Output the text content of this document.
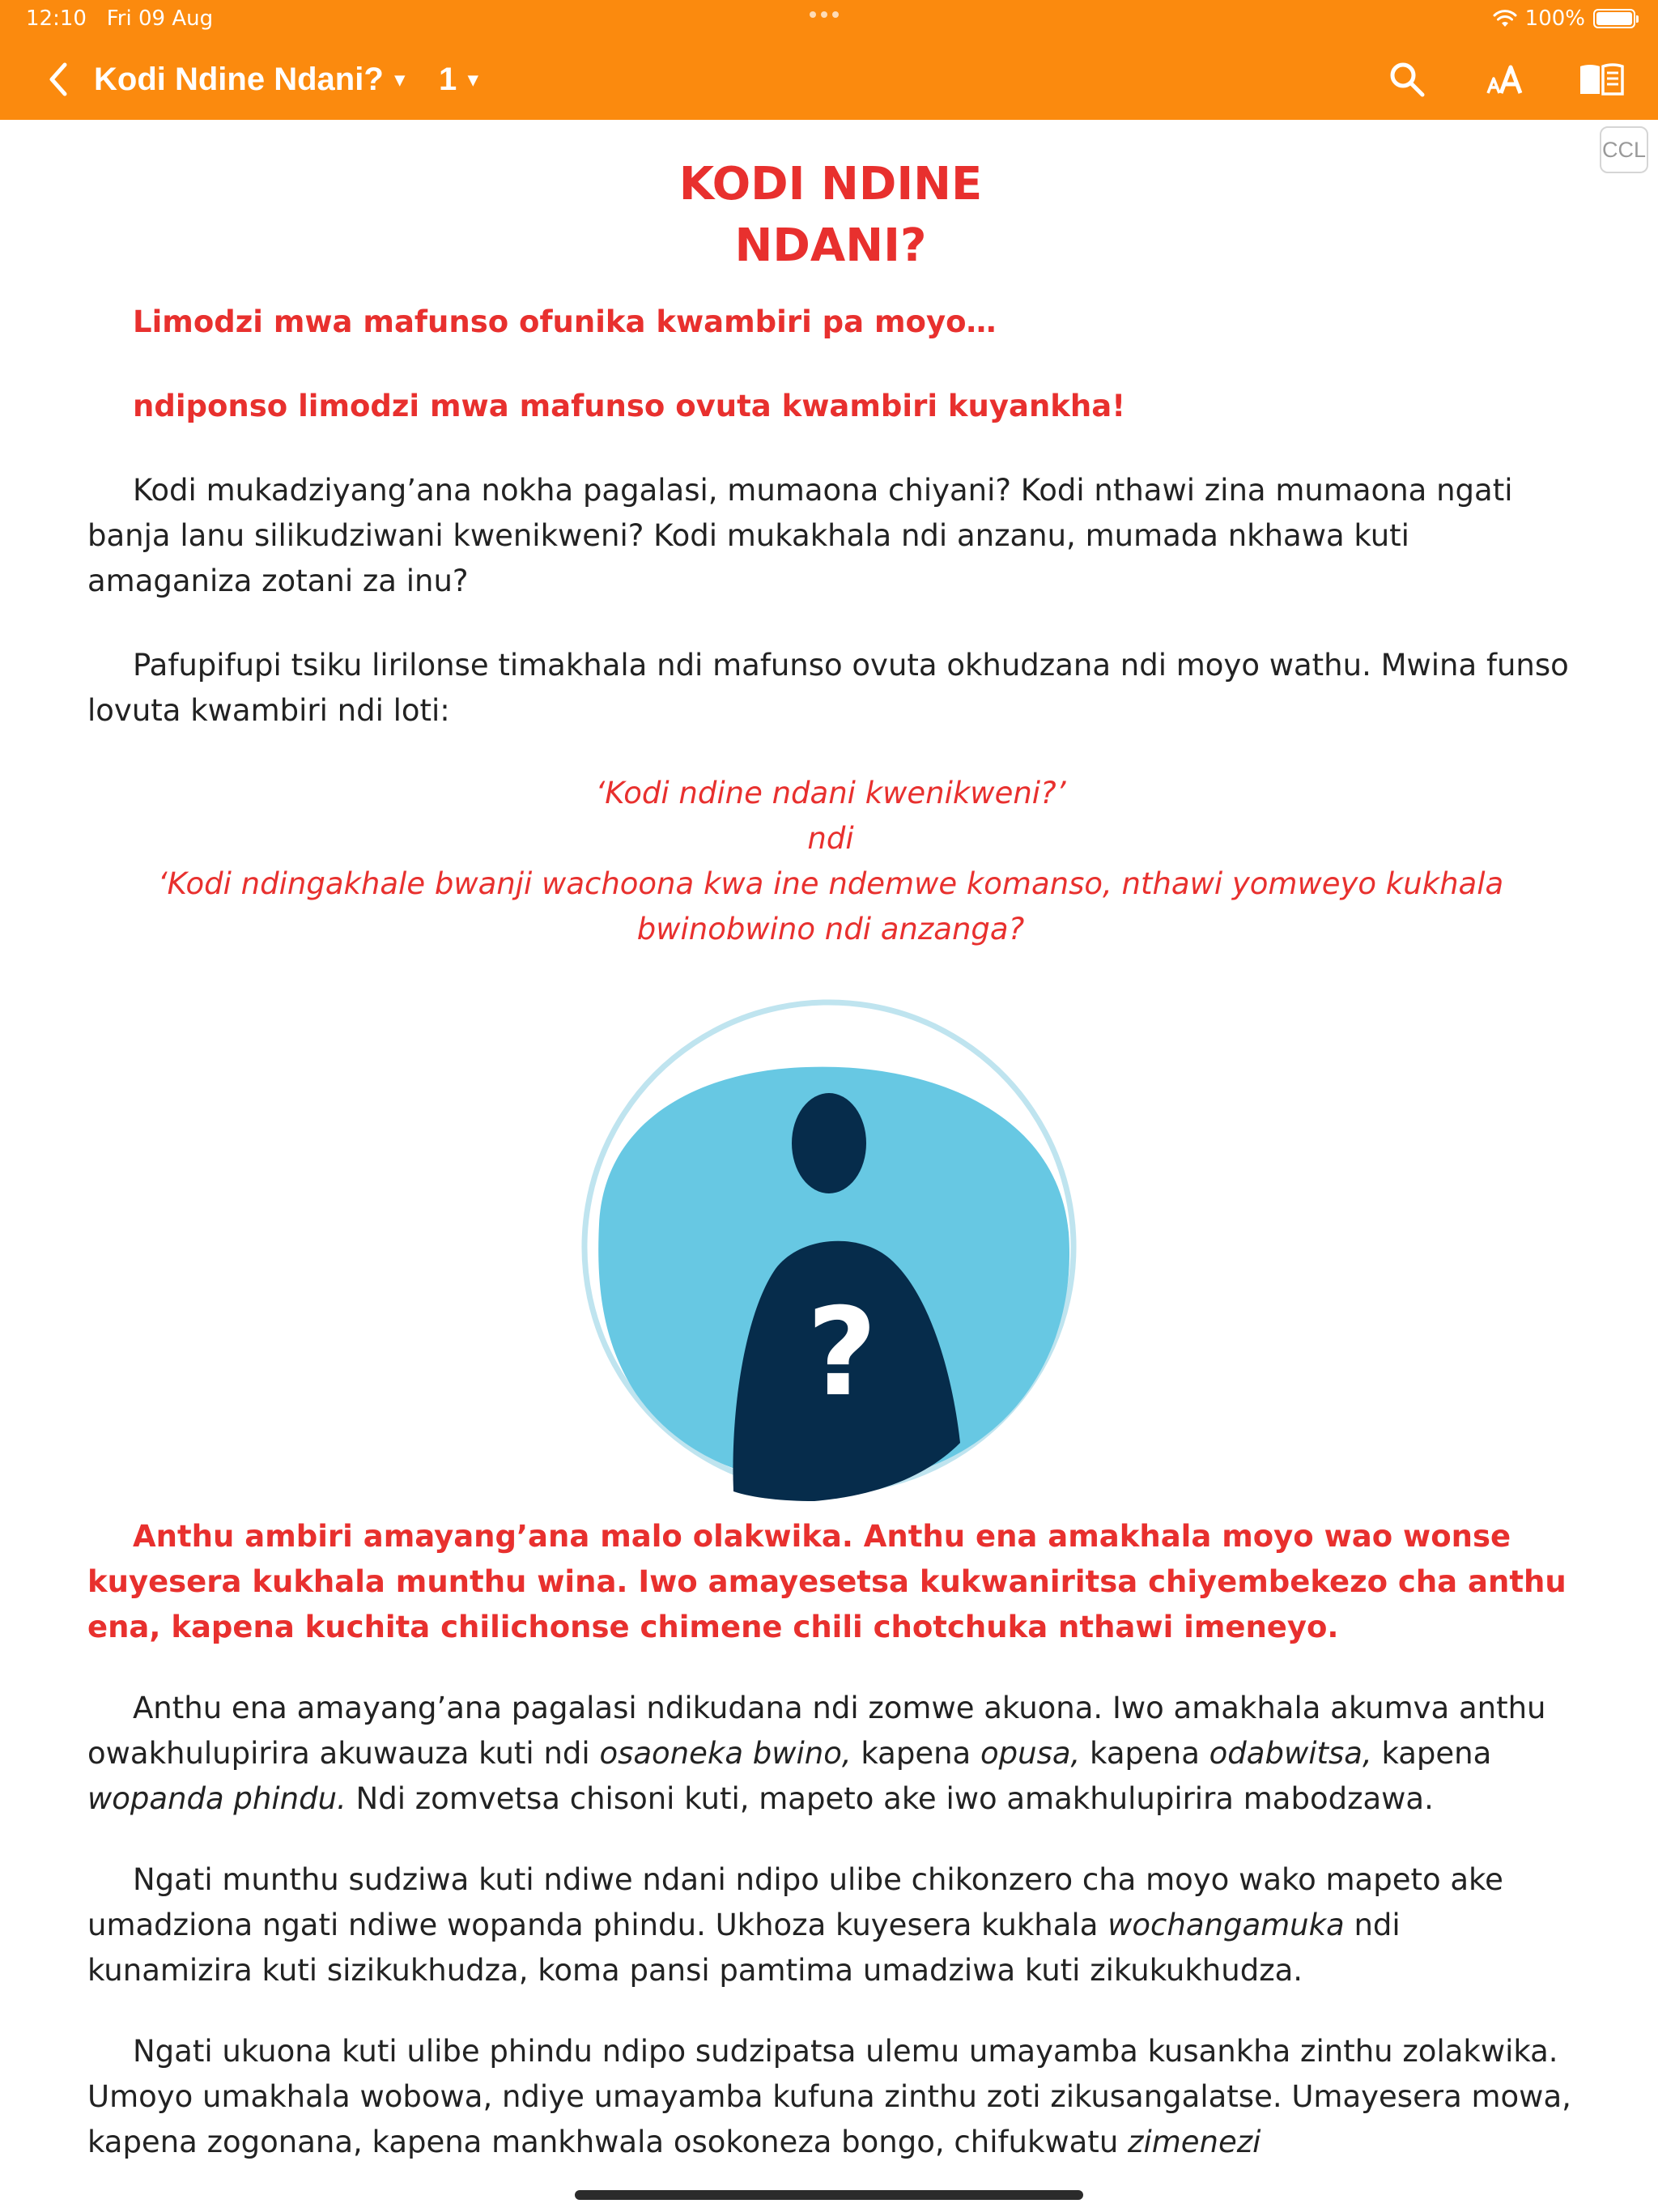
12:10 Fri 09 Aug	100%
Kodi Ndine Ndani? ▾ 1 ▾
CCL
KODI NDINE
NDANI?

Limodzi mwa mafunso ofunika kwambiri pa moyo…

ndiponso limodzi mwa mafunso ovuta kwambiri kuyankha!

Kodi mukadziyang’ana nokha pagalasi, mumaona chiyani? Kodi nthawi zina mumaona ngati banja lanu silikudziwani kwenikweni? Kodi mukakhala ndi anzanu, mumada nkhawa kuti amaganiza zotani za inu?

Pafupifupi tsiku lirilonse timakhala ndi mafunso ovuta okhudzana ndi moyo wathu. Mwina funso lovuta kwambiri ndi loti:

‘Kodi ndine ndani kwenikweni?’
ndi
‘Kodi ndingakhale bwanji wachoona kwa ine ndemwe komanso, nthawi yomweyo kukhala bwinobwino ndi anzanga?
?

Anthu ambiri amayang’ana malo olakwika. Anthu ena amakhala moyo wao wonse kuyesera kukhala munthu wina. Iwo amayesetsa kukwaniritsa chiyembekezo cha anthu ena, kapena kuchita chilichonse chimene chili chotchuka nthawi imeneyo.

Anthu ena amayang’ana pagalasi ndikudana ndi zomwe akuona. Iwo amakhala akumva anthu owakhulupirira akuwauza kuti ndi osaoneka bwino, kapena opusa, kapena odabwitsa, kapena wopanda phindu. Ndi zomvetsa chisoni kuti, mapeto ake iwo amakhulupirira mabodzawa.

Ngati munthu sudziwa kuti ndiwe ndani ndipo ulibe chikonzero cha moyo wako mapeto ake umadziona ngati ndiwe wopanda phindu. Ukhoza kuyesera kukhala wochangamuka ndi kunamizira kuti sizikukhudza, koma pansi pamtima umadziwa kuti zikukukhudza.

Ngati ukuona kuti ulibe phindu ndipo sudzipatsa ulemu umayamba kusankha zinthu zolakwika. Umoyo umakhala wobowa, ndiye umayamba kufuna zinthu zoti zikusangalatse. Umayesera mowa, kapena zogonana, kapena mankhwala osokoneza bongo, chifukwatu zimenezi
